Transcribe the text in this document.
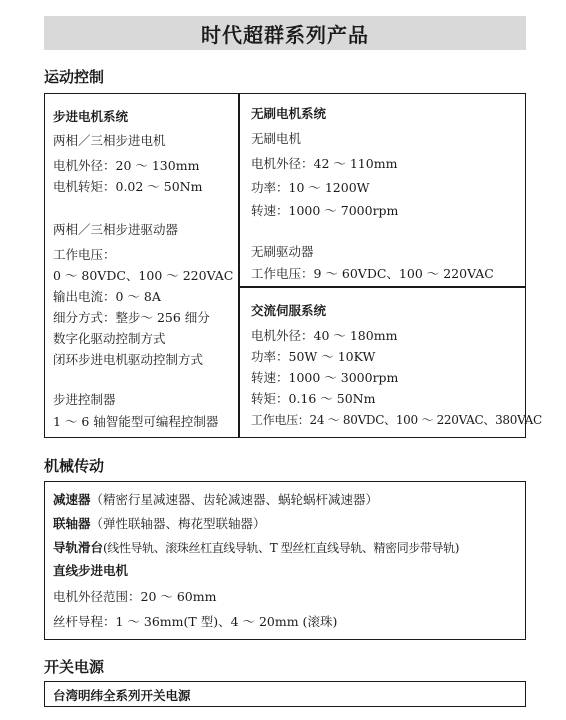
时代超群系列产品
运动控制
步进电机系统
两相／三相步进电机
电机外径：20 ～ 130mm
电机转矩：0.02 ～ 50Nm
两相／三相步进驱动器
工作电压：
0 ～ 80VDC、100 ～ 220VAC
输出电流：0 ～ 8A
细分方式：整步～ 256 细分
数字化驱动控制方式
闭环步进电机驱动控制方式
步进控制器
1 ～ 6 轴智能型可编程控制器
无刷电机系统
无刷电机
电机外径：42 ～ 110mm
功率：10 ～ 1200W
转速：1000 ～ 7000rpm
无刷驱动器
工作电压：9 ～ 60VDC、100 ～ 220VAC
交流伺服系统
电机外径：40 ～ 180mm
功率：50W ～ 10KW
转速：1000 ～ 3000rpm
转矩：0.16 ～ 50Nm
工作电压：24 ～ 80VDC、100 ～ 220VAC、380VAC
机械传动
减速器（精密行星减速器、齿轮减速器、蜗轮蜗杆减速器）
联轴器（弹性联轴器、梅花型联轴器）
导轨滑台(线性导轨、滚珠丝杠直线导轨、T 型丝杠直线导轨、精密同步带导轨)
直线步进电机
电机外径范围：20 ～ 60mm
丝杆导程：1 ～ 36mm(T 型)、4 ～ 20mm (滚珠)
开关电源
台湾明纬全系列开关电源
